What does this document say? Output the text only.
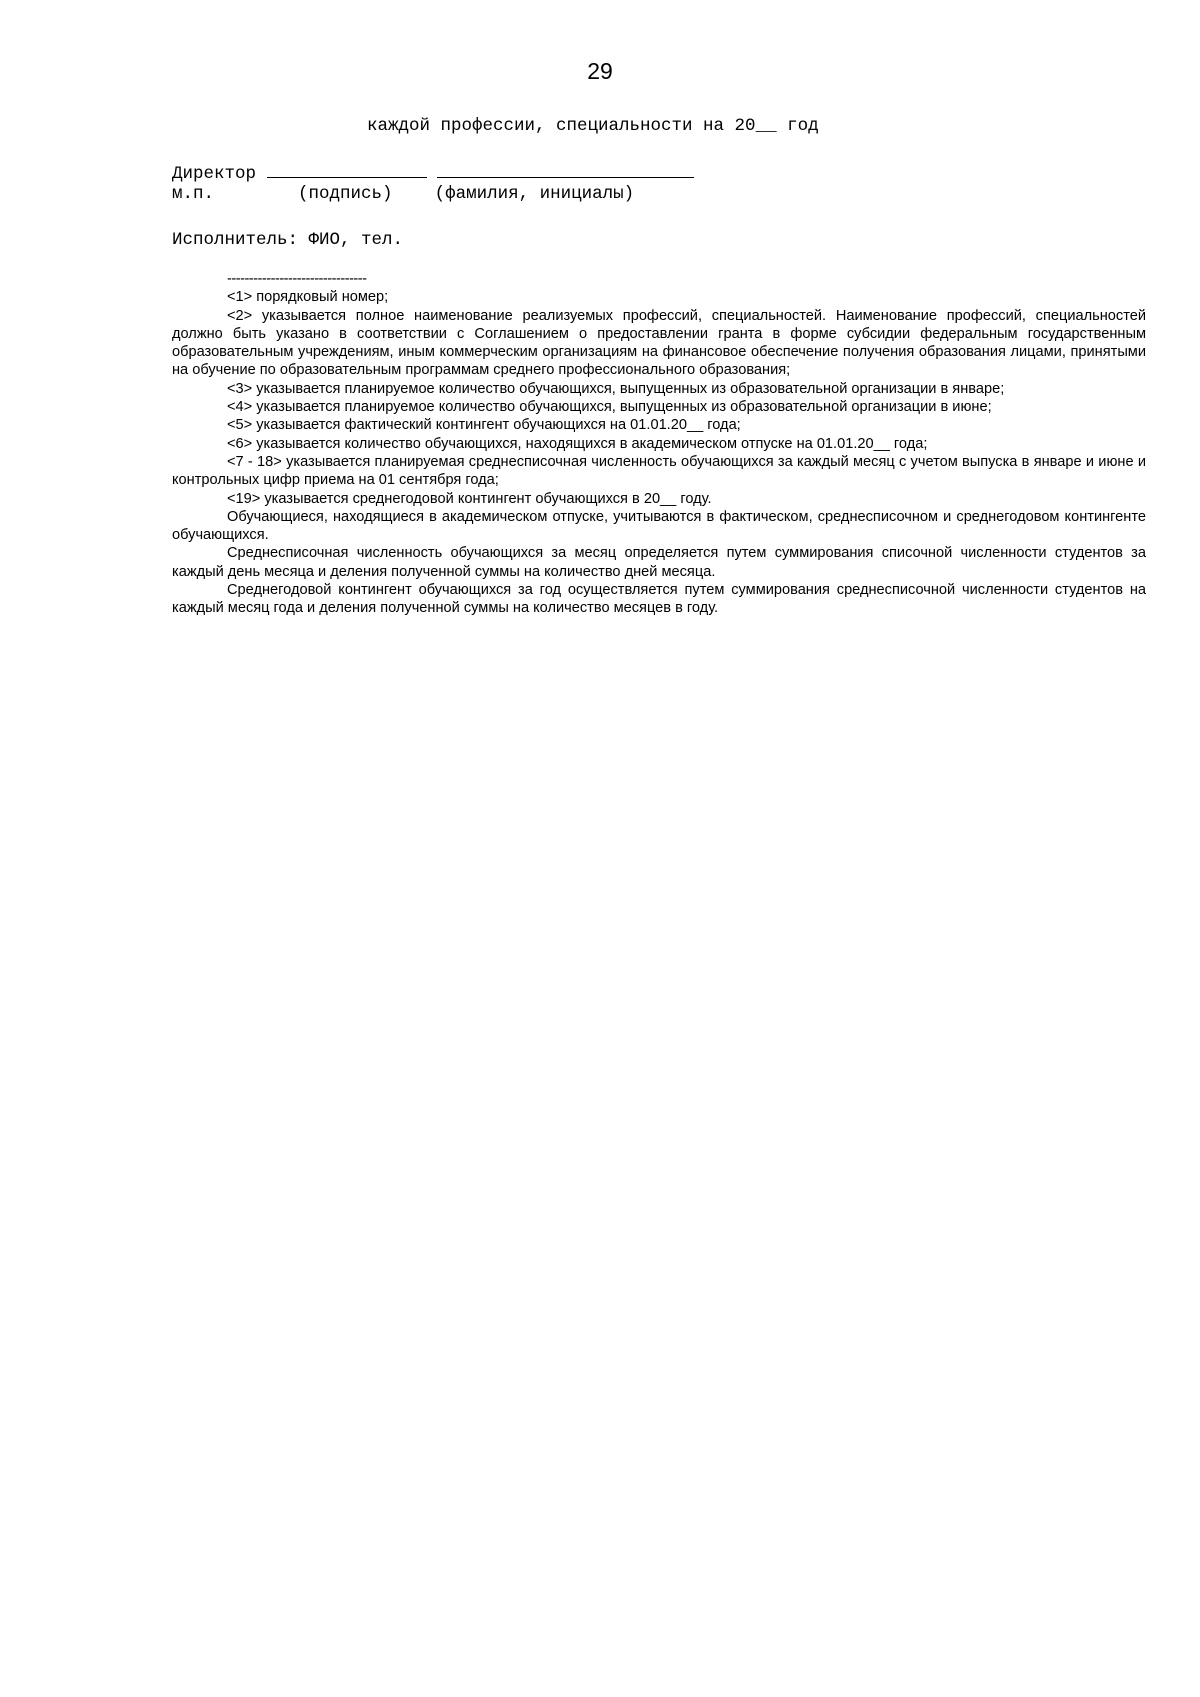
29
каждой профессии, специальности на 20__ год
Директор
м.п.	(подпись) (фамилия, инициалы)
Исполнитель: ФИО, тел.
--------------------------------

<1> порядковый номер;

<2> указывается полное наименование реализуемых профессий, специальностей. Наименование профессий, специальностей должно быть указано в соответствии с Соглашением о предоставлении гранта в форме субсидии федеральным государственным образовательным учреждениям, иным коммерческим организациям на финансовое обеспечение получения образования лицами, принятыми на обучение по образовательным программам среднего профессионального образования;

<3> указывается планируемое количество обучающихся, выпущенных из образовательной организации в январе;

<4> указывается планируемое количество обучающихся, выпущенных из образовательной организации в июне;

<5> указывается фактический контингент обучающихся на 01.01.20__ года;

<6> указывается количество обучающихся, находящихся в академическом отпуске на 01.01.20__ года;

<7 - 18> указывается планируемая среднесписочная численность обучающихся за каждый месяц с учетом выпуска в январе и июне и контрольных цифр приема на 01 сентября года;

<19> указывается среднегодовой контингент обучающихся в 20__ году.

Обучающиеся, находящиеся в академическом отпуске, учитываются в фактическом, среднесписочном и среднегодовом контингенте обучающихся.

Среднесписочная численность обучающихся за месяц определяется путем суммирования списочной численности студентов за каждый день месяца и деления полученной суммы на количество дней месяца.

Среднегодовой контингент обучающихся за год осуществляется путем суммирования среднесписочной численности студентов на каждый месяц года и деления полученной суммы на количество месяцев в году.
